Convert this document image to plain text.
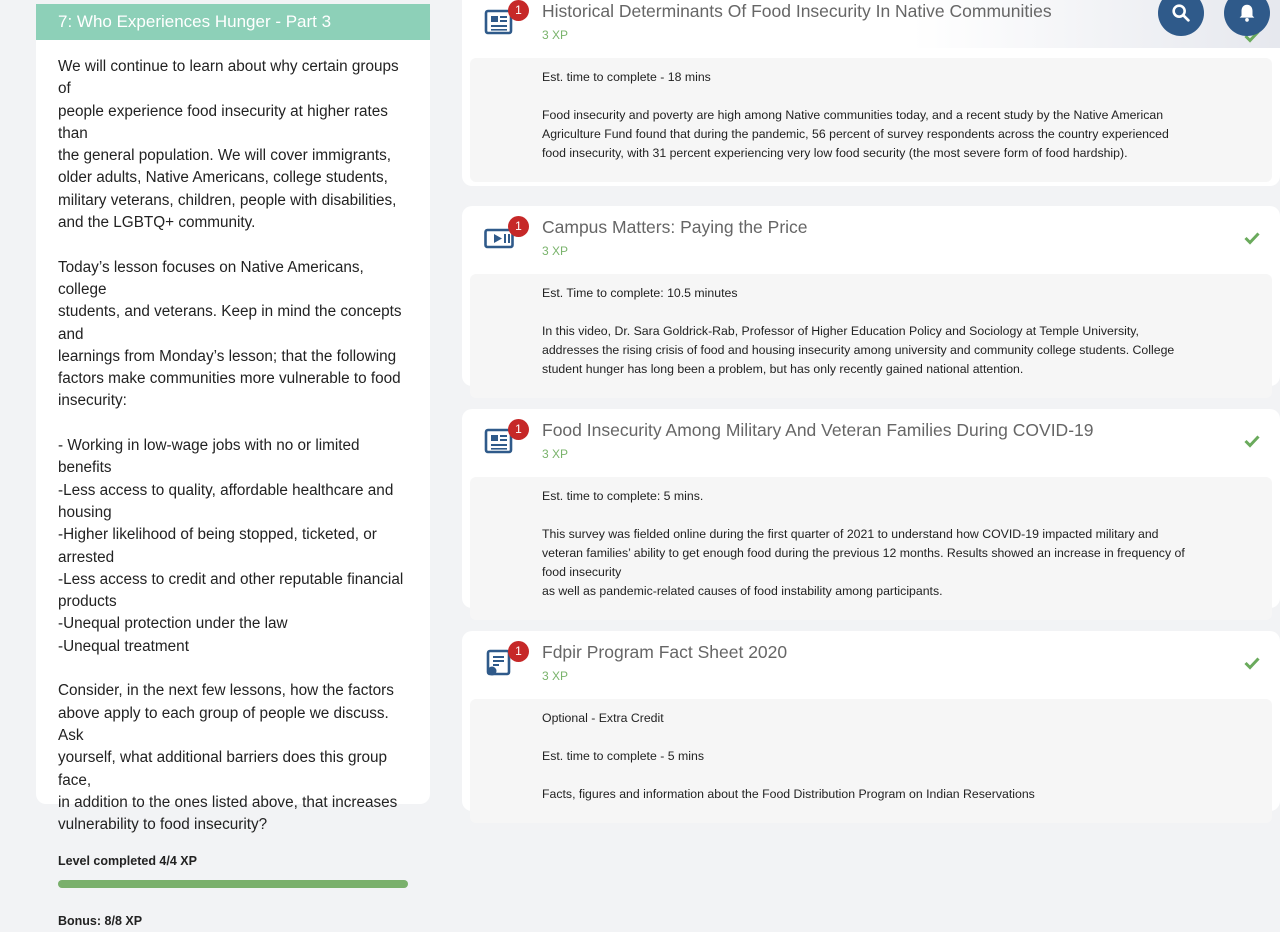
7: Who Experiences Hunger - Part 3

We will continue to learn about why certain groups of
people experience food insecurity at higher rates than
the general population. We will cover immigrants,
older adults, Native Americans, college students,
military veterans, children, people with disabilities,
and the LGBTQ+ community.

Today’s lesson focuses on Native Americans, college
students, and veterans. Keep in mind the concepts and
learnings from Monday’s lesson; that the following
factors make communities more vulnerable to food
insecurity:

- Working in low-wage jobs with no or limited benefits
-Less access to quality, affordable healthcare and
housing
-Higher likelihood of being stopped, ticketed, or
arrested
-Less access to credit and other reputable financial
products
-Unequal protection under the law
-Unequal treatment

Consider, in the next few lessons, how the factors
above apply to each group of people we discuss. Ask
yourself, what additional barriers does this group face,
in addition to the ones listed above, that increases
vulnerability to food insecurity?

Level completed 4/4 XP
Bonus: 8/8 XP
1	Historical Determinants Of Food Insecurity In Native Communities
3 XP

Est. time to complete - 18 mins

Food insecurity and poverty are high among Native communities today, and a recent study by the Native American
Agriculture Fund found that during the pandemic, 56 percent of survey respondents across the country experienced
food insecurity, with 31 percent experiencing very low food security (the most severe form of food hardship).

1	Campus Matters: Paying the Price
3 XP

Est. Time to complete: 10.5 minutes

In this video, Dr. Sara Goldrick-Rab, Professor of Higher Education Policy and Sociology at Temple University,
addresses the rising crisis of food and housing insecurity among university and community college students. College
student hunger has long been a problem, but has only recently gained national attention.

1	Food Insecurity Among Military And Veteran Families During COVID-19
3 XP

Est. time to complete: 5 mins.

This survey was fielded online during the first quarter of 2021 to understand how COVID-19 impacted military and
veteran families’ ability to get enough food during the previous 12 months. Results showed an increase in frequency of
food insecurity
as well as pandemic-related causes of food instability among participants.

1	Fdpir Program Fact Sheet 2020
3 XP

Optional - Extra Credit

Est. time to complete - 5 mins

Facts, figures and information about the Food Distribution Program on Indian Reservations
